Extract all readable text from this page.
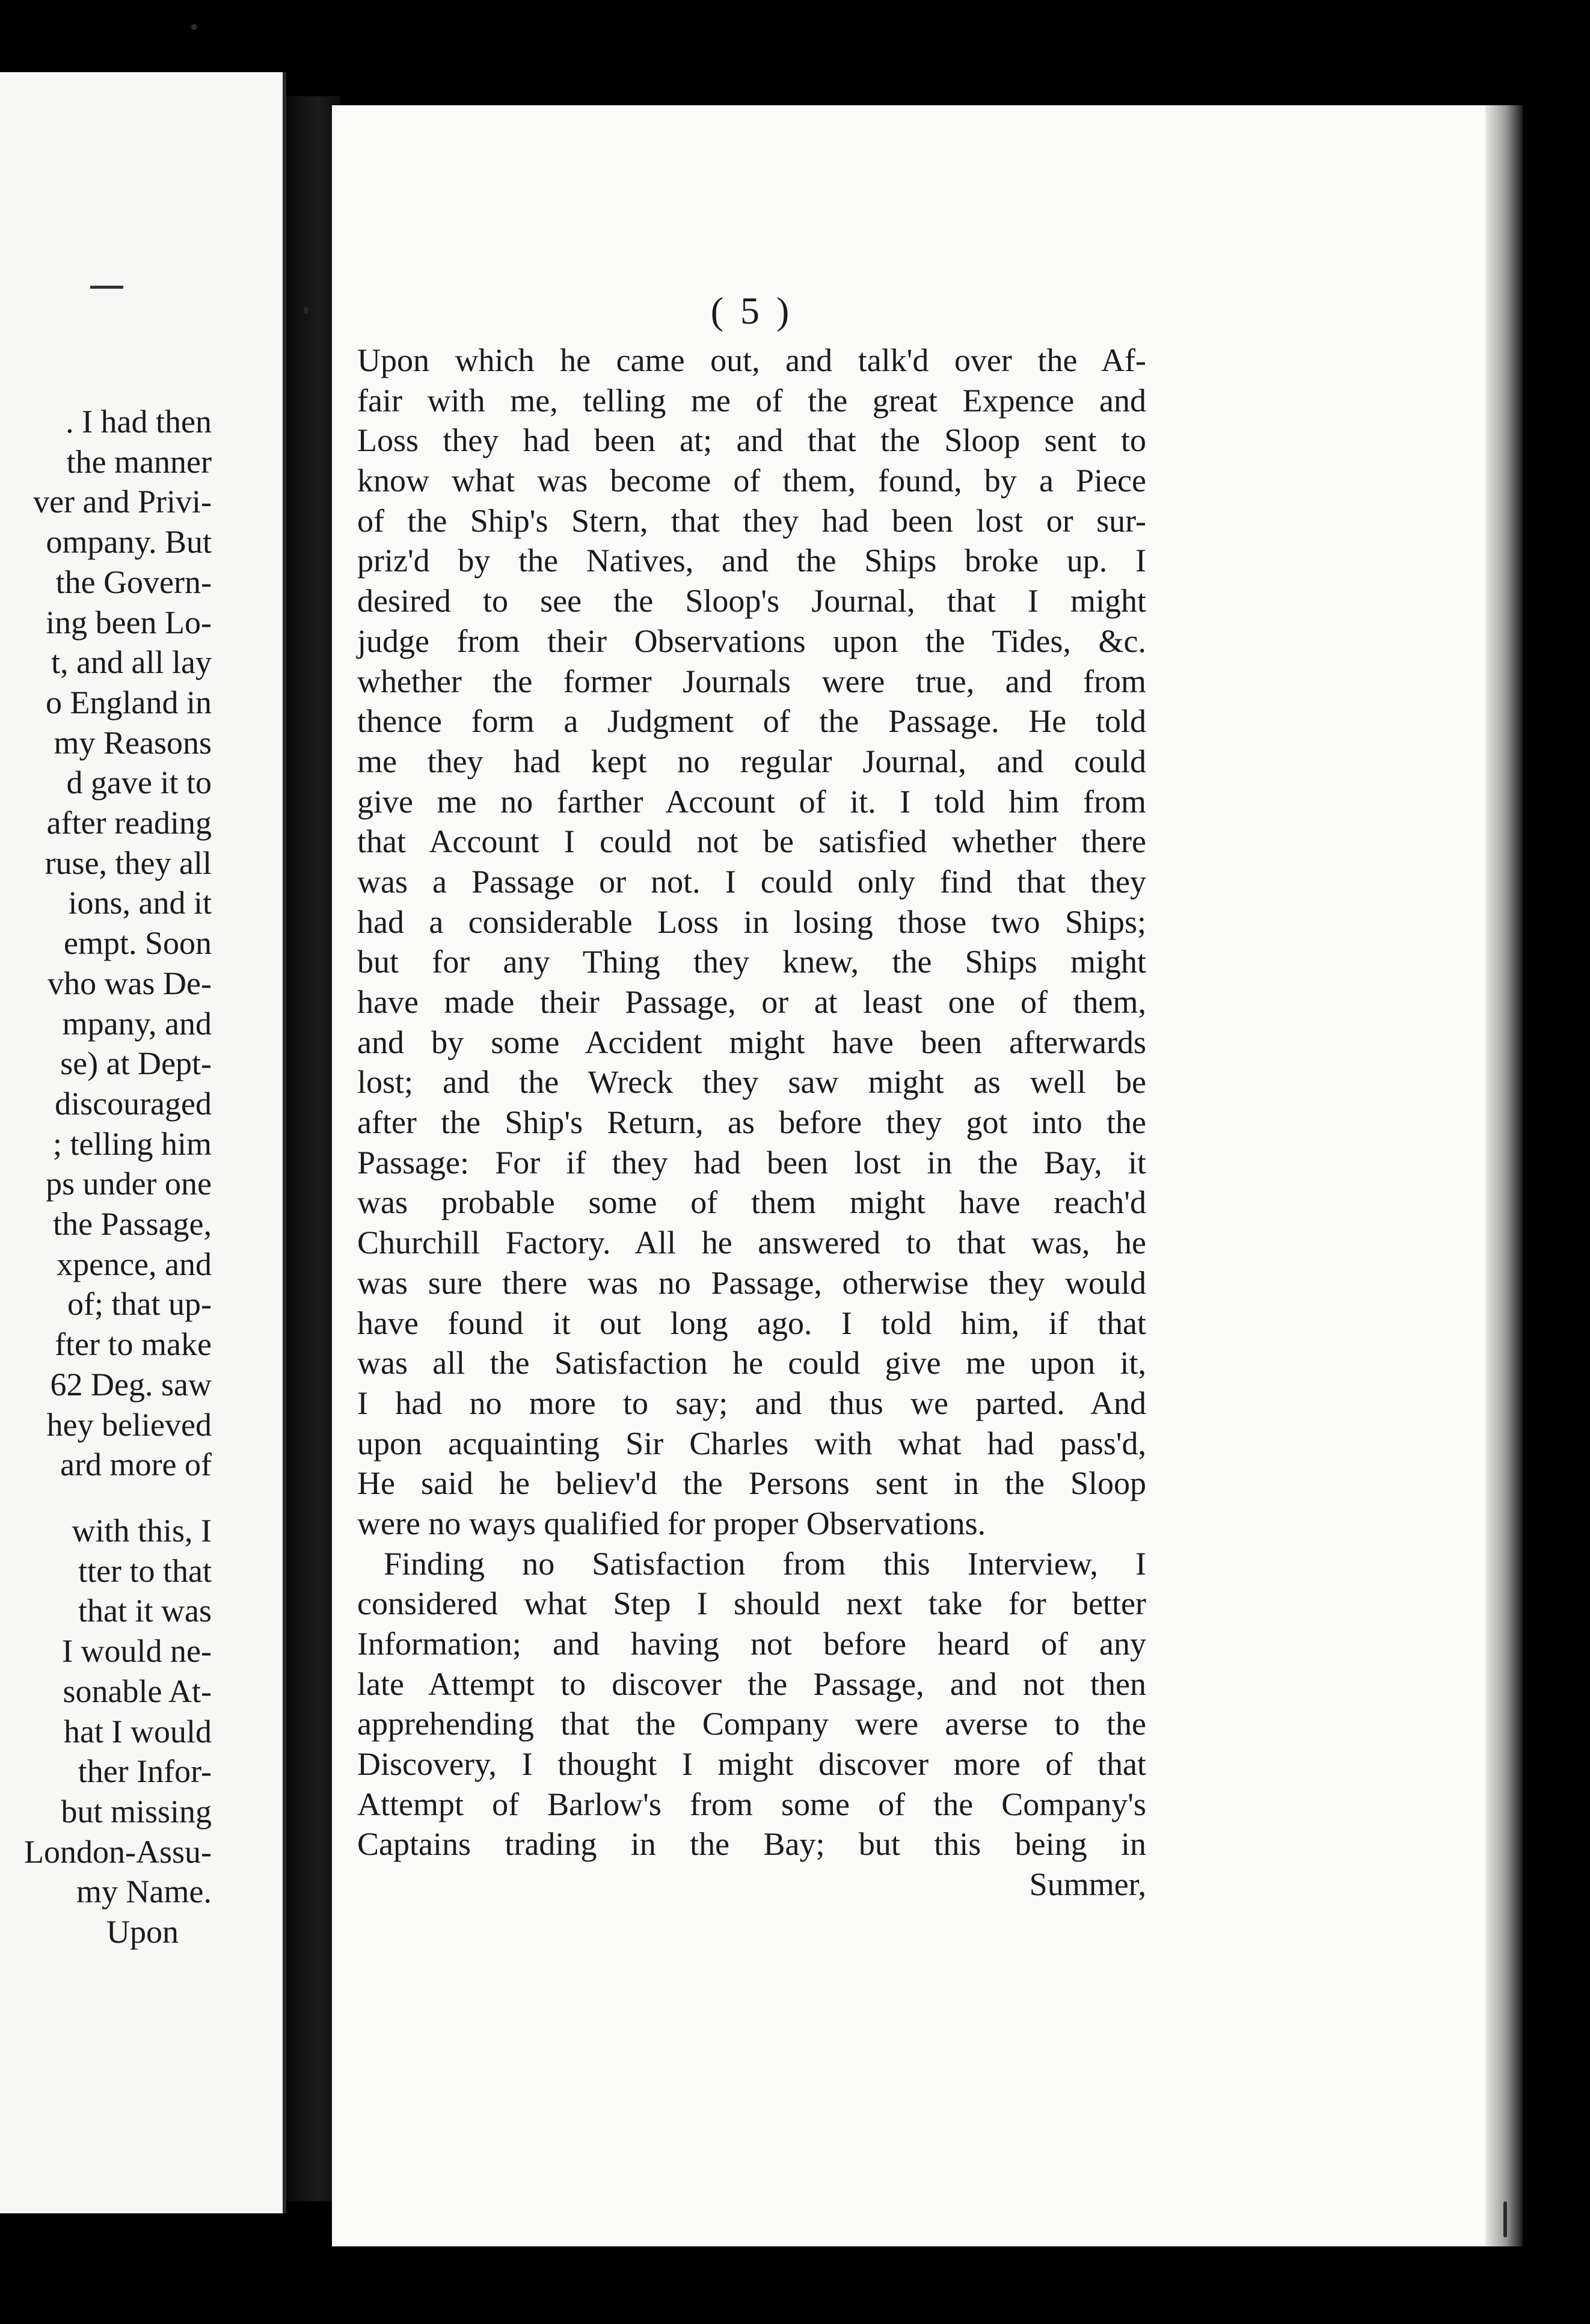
. I had then
the manner
ver and Privi-
ompany. But
the Govern-
ing been Lo-
t, and all lay
o England in
my Reasons
d gave it to
after reading
ruse, they all
ions, and it
empt. Soon
vho was De-
mpany, and
se) at Dept-
discouraged
; telling him
ps under one
the Passage,
xpence, and
of; that up-
fter to make
62 Deg. saw
hey believed
ard more of
with this, I
tter to that
that it was
I would ne-
sonable At-
hat I would
ther Infor-
but missing
London-Assu-
my Name.
Upon
( 5 )
Upon which he came out, and talk'd over the Af-
fair with me, telling me of the great Expence and
Loss they had been at; and that the Sloop sent to
know what was become of them, found, by a Piece
of the Ship's Stern, that they had been lost or sur-
priz'd by the Natives, and the Ships broke up. I
desired to see the Sloop's Journal, that I might
judge from their Observations upon the Tides, &c.
whether the former Journals were true, and from
thence form a Judgment of the Passage. He told
me they had kept no regular Journal, and could
give me no farther Account of it. I told him from
that Account I could not be satisfied whether there
was a Passage or not. I could only find that they
had a considerable Loss in losing those two Ships;
but for any Thing they knew, the Ships might
have made their Passage, or at least one of them,
and by some Accident might have been afterwards
lost; and the Wreck they saw might as well be
after the Ship's Return, as before they got into the
Passage: For if they had been lost in the Bay, it
was probable some of them might have reach'd
Churchill Factory. All he answered to that was, he
was sure there was no Passage, otherwise they would
have found it out long ago. I told him, if that
was all the Satisfaction he could give me upon it,
I had no more to say; and thus we parted. And
upon acquainting Sir Charles with what had pass'd,
He said he believ'd the Persons sent in the Sloop
were no ways qualified for proper Observations.
Finding no Satisfaction from this Interview, I
considered what Step I should next take for better
Information; and having not before heard of any
late Attempt to discover the Passage, and not then
apprehending that the Company were averse to the
Discovery, I thought I might discover more of that
Attempt of Barlow's from some of the Company's
Captains trading in the Bay; but this being in
Summer,
